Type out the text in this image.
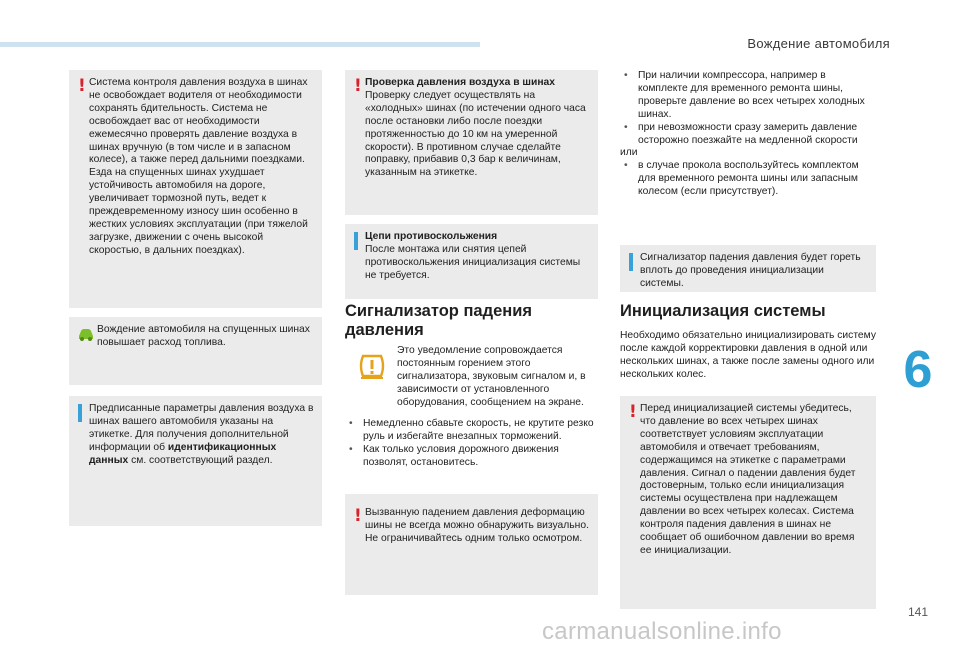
Вождение автомобиля
6
141
carmanualsonline.info
! Система контроля давления воздуха в шинах не освобождает водителя от необходимости сохранять бдительность. Система не освобождает вас от необходимости ежемесячно проверять давление воздуха в шинах вручную (в том числе и в запасном колесе), а также перед дальними поездками. Езда на спущенных шинах ухудшает устойчивость автомобиля на дороге, увеличивает тормозной путь, ведет к преждевременному износу шин особенно в жестких условиях эксплуатации (при тяжелой загрузке, движении с очень высокой скоростью, в дальних поездках).
Вождение автомобиля на спущенных шинах повышает расход топлива.
Предписанные параметры давления воздуха в шинах вашего автомобиля указаны на этикетке. Для получения дополнительной информации об идентификационных данных см. соответствующий раздел.
! Проверка давления воздуха в шинах

Проверку следует осуществлять на «холодных» шинах (по истечении одного часа после остановки либо после поездки протяженностью до 10 км на умеренной скорости). В противном случае сделайте поправку, прибавив 0,3 бар к величинам, указанным на этикетке.

Цепи противоскольжения

После монтажа или снятия цепей противоскольжения инициализация системы не требуется.

Сигнализатор падения давления
Это уведомление сопровождается постоянным горением этого сигнализатора, звуковым сигналом и, в зависимости от установленного оборудования, сообщением на экране.
• Немедленно сбавьте скорость, не крутите резко руль и избегайте внезапных торможений.
• Как только условия дорожного движения позволят, остановитесь.
! Вызванную падением давления деформацию шины не всегда можно обнаружить визуально. Не ограничивайтесь одним только осмотром.
• При наличии компрессора, например в комплекте для временного ремонта шины, проверьте давление во всех четырех холодных шинах.
• при невозможности сразу замерить давление осторожно поезжайте на медленной скорости
или
• в случае прокола воспользуйтесь комплектом для временного ремонта шины или запасным колесом (если присутствует).
Сигнализатор падения давления будет гореть вплоть до проведения инициализации системы.
Инициализация системы
Необходимо обязательно инициализировать систему после каждой корректировки давления в одной или нескольких шинах, а также после замены одного или нескольких колес.
! Перед инициализацией системы убедитесь, что давление во всех четырех шинах соответствует условиям эксплуатации автомобиля и отвечает требованиям, содержащимся на этикетке с параметрами давления. Сигнал о падении давления будет достоверным, только если инициализация системы осуществлена при надлежащем давлении во всех четырех колесах. Система контроля падения давления в шинах не сообщает об ошибочном давлении во время ее инициализации.
